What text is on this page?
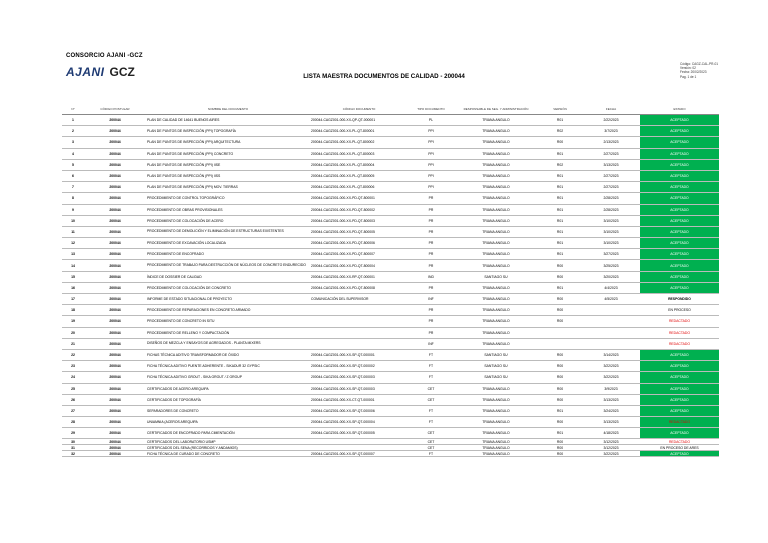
CONSORCIO AJANI -GCZ
AJANI GCZ	LISTA MAESTRA DOCUMENTOS DE CALIDAD - 200044
Código: CAGZ-CAL-PR-01
Versión: 02
Fecha: 20/02/2023
Pag. 1 de 1
N°	CÓDIGO POSTULAR	NOMBRE DEL DOCUMENTO	CÓDIGO DOCUMENTO	TIPO DOCUMENTO	RESPONSABLE DE SEG. Y ADMINISTRACIÓN	VERSIÓN	FECHA	ESTADO
1	200044	PLAN DE CALIDAD DE 14641 BUENOS AIRES	200044-CAGZ001-000-XX-QP-QT-000001	PL	TRIANA ANGULO	R01	2/22/2023	ACEPTADO
2	200044	PLAN DE PUNTOS DE INSPECCIÓN (PPI) TOPOGRAFÍA	200044-CAGZ001-000-XX-PL-QT-800001	PPI	TRIANA ANGULO	R02	3/7/2023	ACEPTADO
3	200044	PLAN DE PUNTOS DE INSPECCIÓN (PPI) ARQUITECTURA	200044-CAGZ001-000-XX-PL-QT-800002	PPI	TRIANA ANGULO	R00	2/13/2023	ACEPTADO
4	200044	PLAN DE PUNTOS DE INSPECCIÓN (PPI) CONCRETO	200044-CAGZ001-000-XX-PL-QT-800003	PPI	TRIANA ANGULO	R01	2/27/2023	ACEPTADO
5	200044	PLAN DE PUNTOS DE INSPECCIÓN (PPI) IISE	200044-CAGZ001-000-XX-PL-QT-800004	PPI	TRIANA ANGULO	R02	3/13/2023	ACEPTADO
6	200044	PLAN DE PUNTOS DE INSPECCIÓN (PPI) IISS	200044-CAGZ001-000-XX-PL-QT-800005	PPI	TRIANA ANGULO	R01	2/27/2023	ACEPTADO
7	200044	PLAN DE PUNTOS DE INSPECCIÓN (PPI) MOV. TIERRAS	200044-CAGZ001-000-XX-PL-QT-800006	PPI	TRIANA ANGULO	R01	2/27/2023	ACEPTADO
8	200044	PROCEDIMIENTO DE CONTROL TOPOGRÁFICO	200044-CAGZ001-000-XX-PD-QT-800001	PR	TRIANA ANGULO	R01	2/28/2023	ACEPTADO
9	200044	PROCEDIMIENTO DE OBRAS PROVISIONALES	200044-CAGZ001-000-XX-PD-QT-800002	PR	TRIANA ANGULO	R01	2/28/2023	ACEPTADO
10	200044	PROCEDIMIENTO DE COLOCACIÓN DE ACERO	200044-CAGZ001-000-XX-PD-QT-800003	PR	TRIANA ANGULO	R01	3/10/2023	ACEPTADO
11	200044	PROCEDIMIENTO DE DEMOLICIÓN Y ELIMINACIÓN DE ESTRUCTURAS EXISTENTES	200044-CAGZ001-000-XX-PD-QT-800005	PR	TRIANA ANGULO	R01	3/10/2023	ACEPTADO
12	200044	PROCEDIMIENTO DE EXCAVACIÓN LOCALIZADA	200044-CAGZ001-000-XX-PD-QT-800006	PR	TRIANA ANGULO	R01	3/10/2023	ACEPTADO
13	200044	PROCEDIMIENTO DE ENCOFRADO	200044-CAGZ001-000-XX-PD-QT-800007	PR	TRIANA ANGULO	R01	3/27/2023	ACEPTADO
14	200044	PROCEDIMIENTO DE TRABAJO PARA DESTRUCCIÓN DE NÚCLEOS DE CONCRETO ENDURECIDO	200044-CAGZ001-000-XX-PD-QT-800004	PR	TRIANA ANGULO	R00	3/25/2023	ACEPTADO
15	200044	ÍNDICE DE DOSSIER DE CALIDAD	200044-CAGZ001-000-XX-RP-QT-000001	IND	SANTIAGO SU	R00	3/20/2023	ACEPTADO
16	200044	PROCEDIMIENTO DE COLOCACIÓN DE CONCRETO	200044-CAGZ001-000-XX-PD-QT-800008	PR	TRIANA ANGULO	R01	4/4/2023	ACEPTADO
17	200044	INFORME DE ESTADO SITUACIONAL DE PROYECTO	COMUNICACIÓN DEL SUPERVISOR	INF	TRIANA ANGULO	R00	4/5/2023	RESPONDIDO
18	200044	PROCEDIMIENTO DE REPARACIONES EN CONCRETO ARMADO		PR	TRIANA ANGULO	R00		EN PROCESO
19	200044	PROCEDIMIENTO DE CONCRETO IN SITU		PR	TRIANA ANGULO	R00		REDACTADO
20	200044	PROCEDIMIENTO DE RELLENO Y COMPACTACIÓN		PR	TRIANA ANGULO			REDACTADO
21	200044	DISEÑOS DE MEZCLA Y ENSAYOS DE AGREGADOS - PLANTA MIXERS		INF	TRIANA ANGULO			REDACTADO
22	200044	FICHAS TÉCNICA ADITIVO TRANSFORMADOR DE ÓXIDO	200044-CAGZ001-000-XX-SP-QT-000001	FT	SANTIAGO SU	R00	3/14/2023	ACEPTADO
23	200044	FICHA TÉCNICA ADITIVO PUENTE ADHERENTE - SIKADUR 32 GYPSIC	200044-CAGZ001-000-XX-SP-QT-000002	FT	SANTIAGO SU	R00	3/22/2023	ACEPTADO
24	200044	FICHA TÉCNICA ADITIVO GROUT - SIKA GROUT / Z GROUP	200044-CAGZ001-000-XX-SP-QT-000003	FT	SANTIAGO SU	R00	3/22/2023	ACEPTADO
25	200044	CERTIFICADOS DE ACERO AREQUIPA	200044-CAGZ001-000-XX-SP-QT-000003	CET	TRIANA ANGULO	R00	3/9/2023	ACEPTADO
26	200044	CERTIFICADOS DE TOPOGRAFÍA	200044-CAGZ001-000-XX-CT-QT-000001	CET	TRIANA ANGULO	R00	3/13/2023	ACEPTADO
27	200044	SEPARADORES DE CONCRETO	200044-CAGZ001-000-XX-SP-QT-000006	FT	TRIANA ANGULO	R01	3/24/2023	ACEPTADO
28	200044	UNIAMNIA (ACEROS AREQUIPA	200044-CAGZ001-000-XX-SP-QT-000004	FT	TRIANA ANGULO	R00	3/13/2023	REDACTADO
29	200044	CERTIFICADOS DE ENCOFRADO PARA CIMENTACIÓN	200044-CAGZ001-000-XX-SP-QT-000005	CET	TRIANA ANGULO	R01	4/18/2023	ACEPTADO
30	200044	CERTIFICADOS DEL LABORATORIO USMP		CET	TRIANA ANGULO	R00	3/12/2023	REDACTADO
31	200044	CERTIFICADOS DEL SENA (RECORRIDOS Y ANDAMIOS)		CET	TRIANA ANGULO	R00	3/12/2023	EN PROCESO DE ARES
32	200044	FICHA TÉCNICA DE CURADO DE CONCRETO	200044-CAGZ001-000-XX-SP-QT-000007	FT	TRIANA ANGULO	R00	3/22/2023	ACEPTADO
